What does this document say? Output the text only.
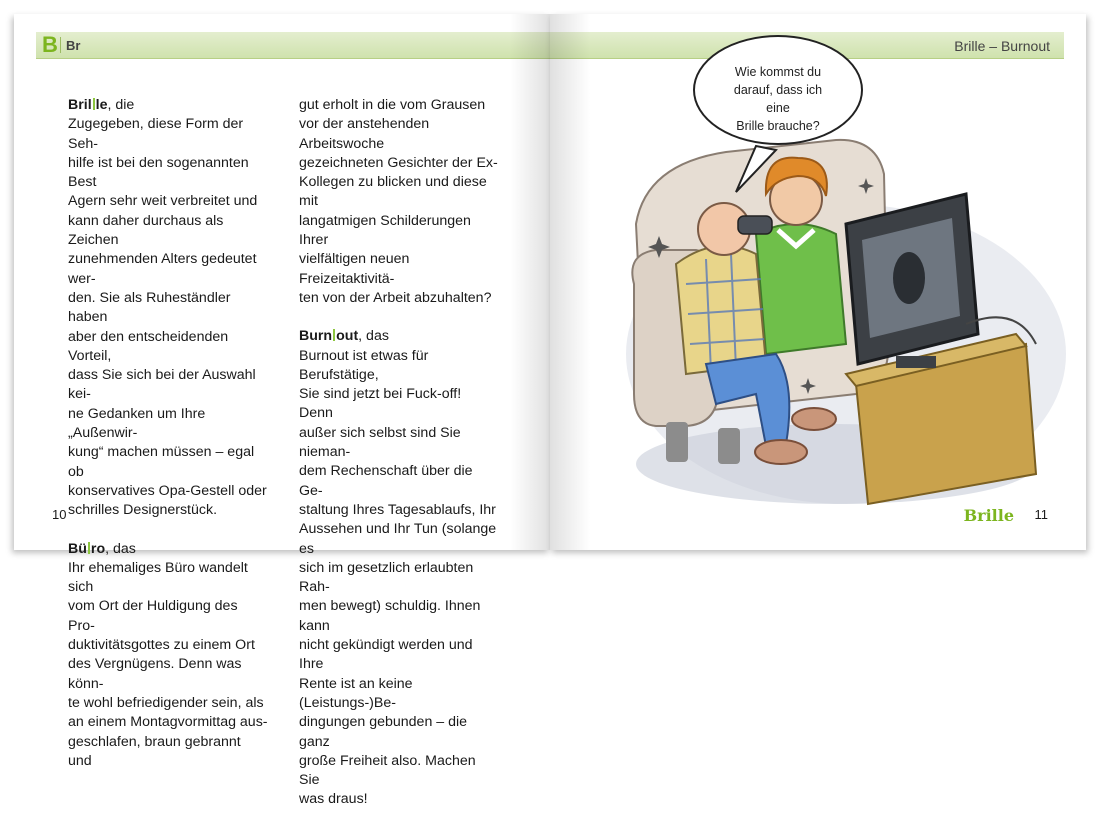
B Br
Bril le, die

Zugegeben, diese Form der Seh-
hilfe ist bei den sogenannten Best
Agern sehr weit verbreitet und
kann daher durchaus als Zeichen
zunehmenden Alters gedeutet wer-
den. Sie als Ruheständler haben
aber den entscheidenden Vorteil,
dass Sie sich bei der Auswahl kei-
ne Gedanken um Ihre „Außenwir-
kung“ machen müssen – egal ob
konservatives Opa-Gestell oder
schrilles Designerstück.

Bü ro, das

Ihr ehemaliges Büro wandelt sich
vom Ort der Huldigung des Pro-
duktivitätsgottes zu einem Ort
des Vergnügens. Denn was könn-
te wohl befriedigender sein, als
an einem Montagvormittag aus-
geschlafen, braun gebrannt und

gut erholt in die vom Grausen
vor der anstehenden Arbeitswoche
gezeichneten Gesichter der Ex-
Kollegen zu blicken und diese mit
langatmigen Schilderungen Ihrer
vielfältigen neuen Freizeitaktivitä-
ten von der Arbeit abzuhalten?

Burn out, das

Burnout ist etwas für Berufstätige,
Sie sind jetzt bei Fuck-off! Denn
außer sich selbst sind Sie nieman-
dem Rechenschaft über die Ge-
staltung Ihres Tagesablaufs, Ihr
Aussehen und Ihr Tun (solange es
sich im gesetzlich erlaubten Rah-
men bewegt) schuldig. Ihnen kann
nicht gekündigt werden und Ihre
Rente ist an keine (Leistungs-)Be-
dingungen gebunden – die ganz
große Freiheit also. Machen Sie
was draus!

10
Brille – Burnout
Wie kommst du
darauf, dass ich eine
Brille brauche?
Brille 11
